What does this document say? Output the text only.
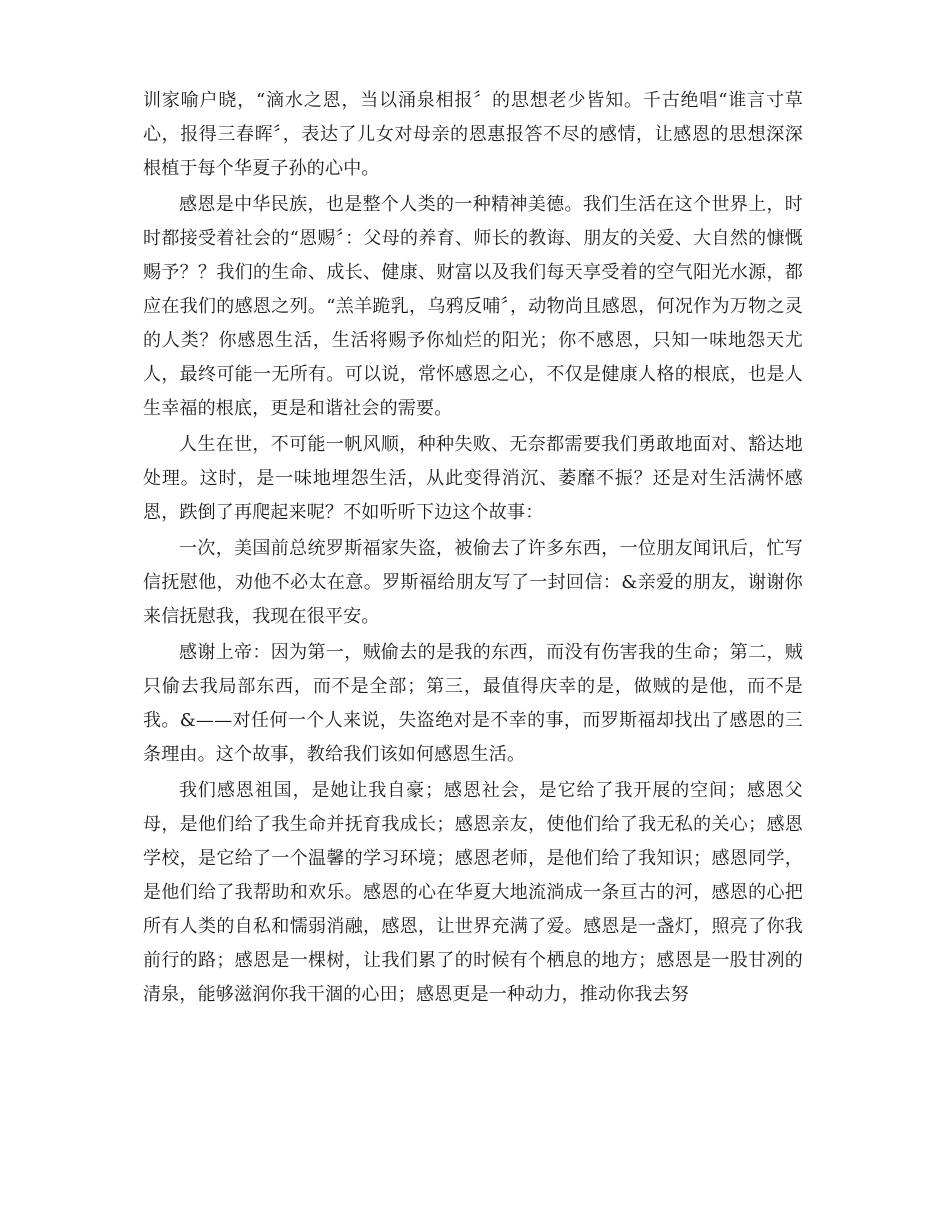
训家喻户晓，“滴水之恩，当以涌泉相报〞的思想老少皆知。千古绝唱“谁言寸草心，报得三春晖〞，表达了儿女对母亲的恩惠报答不尽的感情，让感恩的思想深深根植于每个华夏子孙的心中。

感恩是中华民族，也是整个人类的一种精神美德。我们生活在这个世界上，时时都接受着社会的“恩赐〞：父母的养育、师长的教诲、朋友的关爱、大自然的慷慨赐予？？我们的生命、成长、健康、财富以及我们每天享受着的空气阳光水源，都应在我们的感恩之列。“羔羊跪乳，乌鸦反哺〞，动物尚且感恩，何况作为万物之灵的人类？你感恩生活，生活将赐予你灿烂的阳光；你不感恩，只知一味地怨天尤人，最终可能一无所有。可以说，常怀感恩之心，不仅是健康人格的根底，也是人生幸福的根底，更是和谐社会的需要。

人生在世，不可能一帆风顺，种种失败、无奈都需要我们勇敢地面对、豁达地处理。这时，是一味地埋怨生活，从此变得消沉、萎靡不振？还是对生活满怀感恩，跌倒了再爬起来呢？不如听听下边这个故事：

一次，美国前总统罗斯福家失盗，被偷去了许多东西，一位朋友闻讯后，忙写信抚慰他，劝他不必太在意。罗斯福给朋友写了一封回信：&亲爱的朋友，谢谢你来信抚慰我，我现在很平安。

感谢上帝：因为第一，贼偷去的是我的东西，而没有伤害我的生命；第二，贼只偷去我局部东西，而不是全部；第三，最值得庆幸的是，做贼的是他，而不是我。&——对任何一个人来说，失盗绝对是不幸的事，而罗斯福却找出了感恩的三条理由。这个故事，教给我们该如何感恩生活。

我们感恩祖国，是她让我自豪；感恩社会，是它给了我开展的空间；感恩父母，是他们给了我生命并抚育我成长；感恩亲友，使他们给了我无私的关心；感恩学校，是它给了一个温馨的学习环境；感恩老师，是他们给了我知识；感恩同学，是他们给了我帮助和欢乐。感恩的心在华夏大地流淌成一条亘古的河，感恩的心把所有人类的自私和懦弱消融，感恩，让世界充满了爱。感恩是一盏灯，照亮了你我前行的路；感恩是一棵树，让我们累了的时候有个栖息的地方；感恩是一股甘冽的清泉，能够滋润你我干涸的心田；感恩更是一种动力，推动你我去努
